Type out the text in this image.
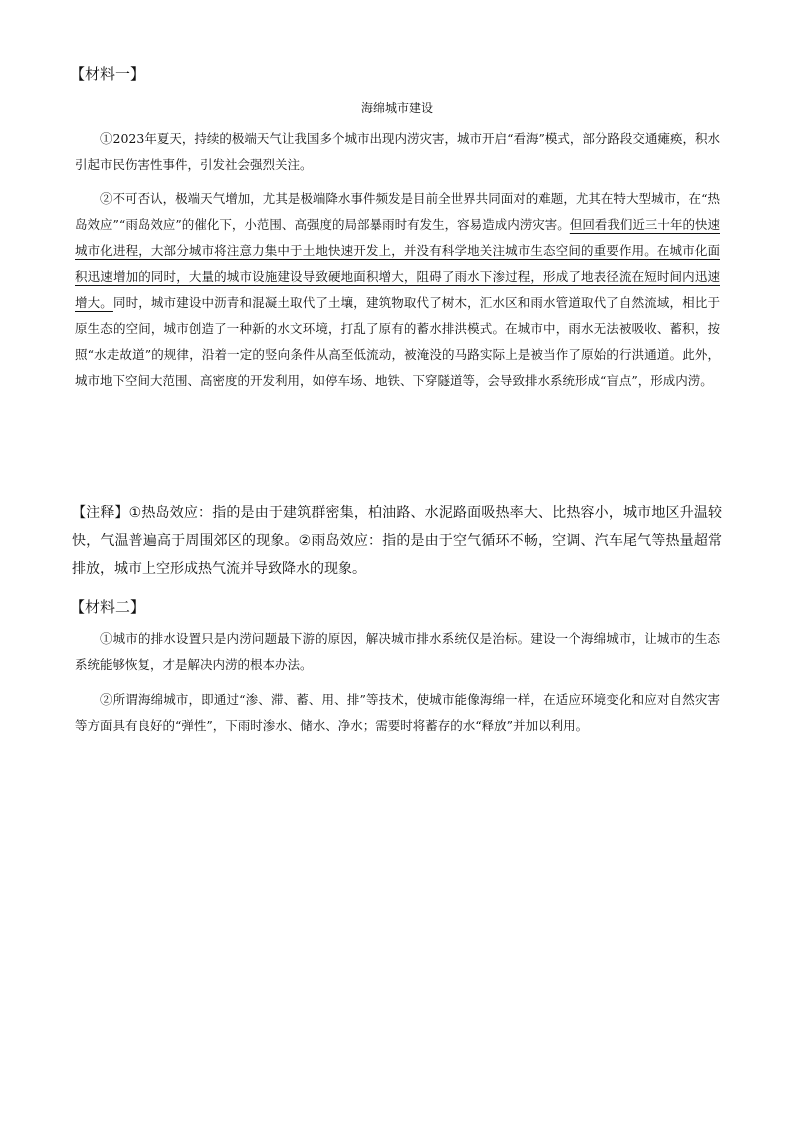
【材料一】
海绵城市建设
①2023年夏天，持续的极端天气让我国多个城市出现内涝灾害，城市开启“看海”模式，部分路段交通瘫痪，积水引起市民伤害性事件，引发社会强烈关注。
②不可否认，极端天气增加，尤其是极端降水事件频发是目前全世界共同面对的难题，尤其在特大型城市，在“热岛效应”“雨岛效应”的催化下，小范围、高强度的局部暴雨时有发生，容易造成内涝灾害。但回看我们近三十年的快速城市化进程，大部分城市将注意力集中于土地快速开发上，并没有科学地关注城市生态空间的重要作用。在城市化面积迅速增加的同时，大量的城市设施建设导致硬地面积增大，阻碍了雨水下渗过程，形成了地表径流在短时间内迅速增大。同时，城市建设中沥青和混凝土取代了土壤，建筑物取代了树木，汇水区和雨水管道取代了自然流域，相比于原生态的空间，城市创造了一种新的水文环境，打乱了原有的蓄水排洪模式。在城市中，雨水无法被吸收、蓄积，按照“水走故道”的规律，沿着一定的竖向条件从高至低流动，被淹没的马路实际上是被当作了原始的行洪通道。此外，城市地下空间大范围、高密度的开发利用，如停车场、地铁、下穿隧道等，会导致排水系统形成“盲点”，形成内涝。
【注释】①热岛效应：指的是由于建筑群密集，柏油路、水泥路面吸热率大、比热容小，城市地区升温较快，气温普遍高于周围郊区的现象。②雨岛效应：指的是由于空气循环不畅，空调、汽车尾气等热量超常排放，城市上空形成热气流并导致降水的现象。
【材料二】
①城市的排水设置只是内涝问题最下游的原因，解决城市排水系统仅是治标。建设一个海绵城市，让城市的生态系统能够恢复，才是解决内涝的根本办法。
②所谓海绵城市，即通过“渗、滞、蓄、用、排”等技术，使城市能像海绵一样，在适应环境变化和应对自然灾害等方面具有良好的“弹性”，下雨时渗水、储水、净水；需要时将蓄存的水“释放”并加以利用。
